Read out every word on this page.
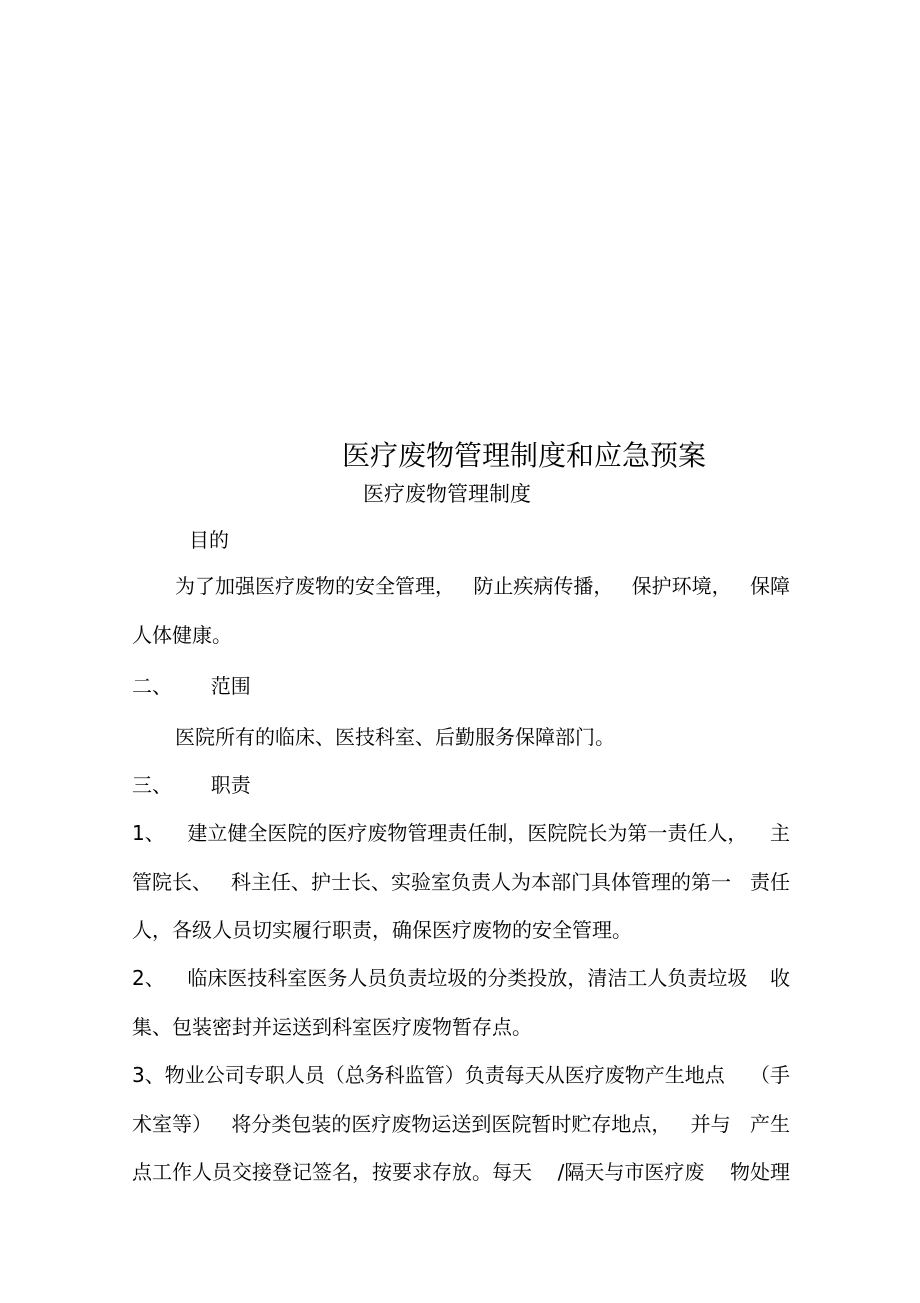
医疗废物管理制度和应急预案
医疗废物管理制度
目的
为了加强医疗废物的安全管理， 防止疾病传播， 保护环境， 保障
人体健康。
二、 范围
医院所有的临床、医技科室、后勤服务保障部门。
三、 职责
1、 建立健全医院的医疗废物管理责任制，医院院长为第一责任人， 主
管院长、 科主任、护士长、实验室负责人为本部门具体管理的第一 责任
人，各级人员切实履行职责，确保医疗废物的安全管理。
2、 临床医技科室医务人员负责垃圾的分类投放，清洁工人负责垃圾 收
集、包装密封并运送到科室医疗废物暂存点。
3、物业公司专职人员（总务科监管）负责每天从医疗废物产生地点 （手
术室等） 将分类包装的医疗废物运送到医院暂时贮存地点， 并与 产生
点工作人员交接登记签名，按要求存放。每天 /隔天与市医疗废 物处理
